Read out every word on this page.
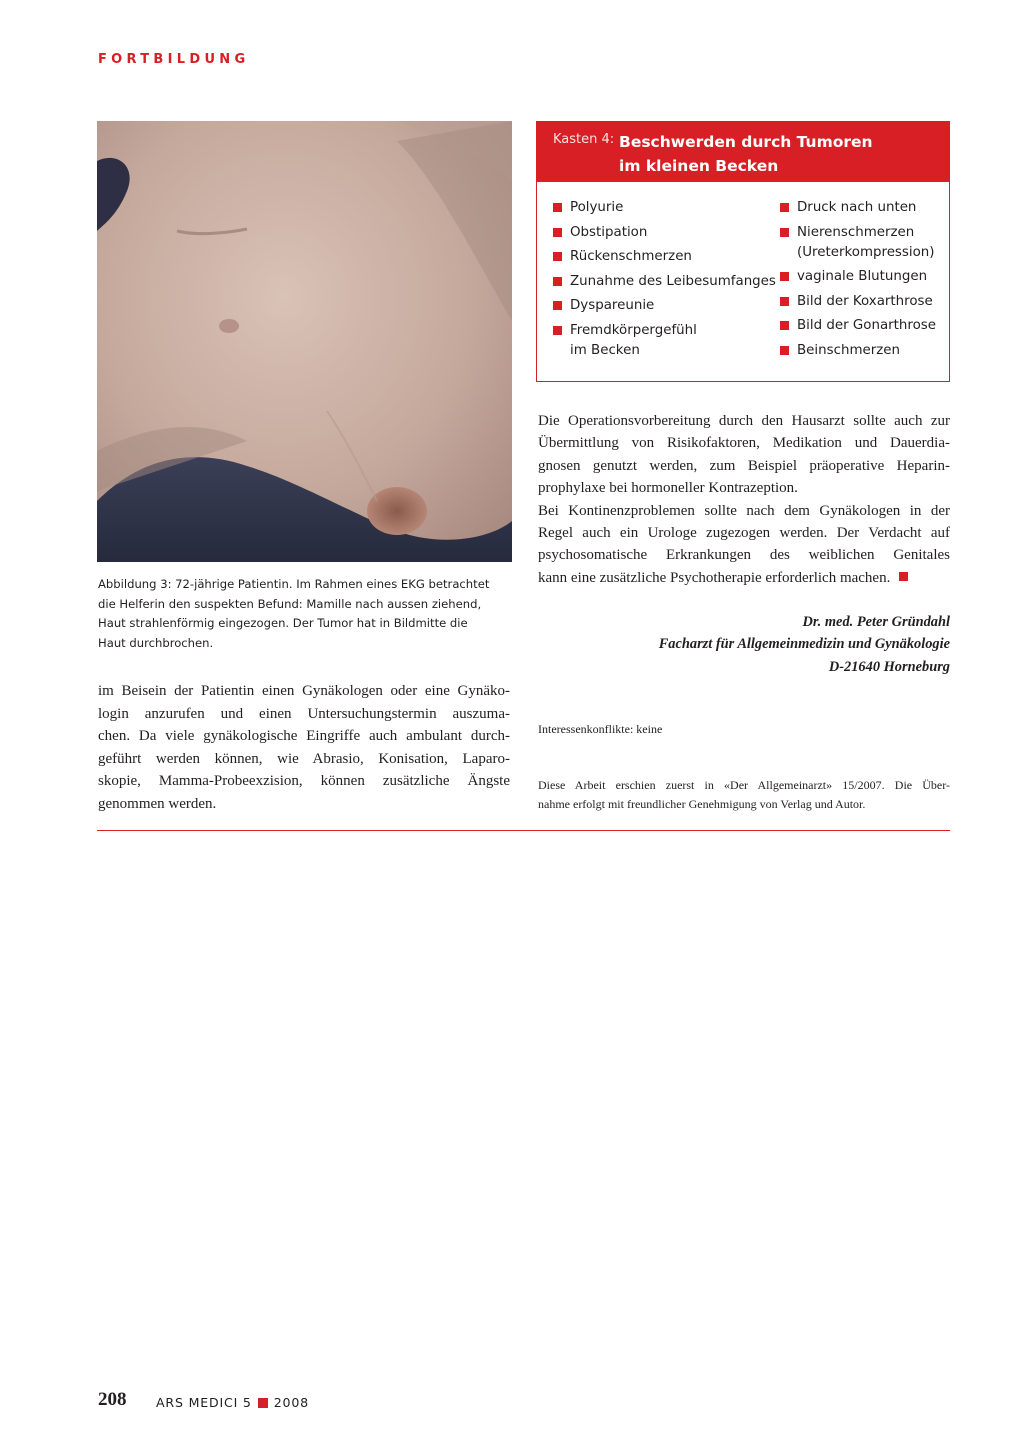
FORTBILDUNG
Abbildung 3: 72-jährige Patientin. Im Rahmen eines EKG betrachtet
die Helferin den suspekten Befund: Mamille nach aussen ziehend,
Haut strahlenförmig eingezogen. Der Tumor hat in Bildmitte die
Haut durchbrochen.
im Beisein der Patientin einen Gynäkologen oder eine Gynäko-
login anzurufen und einen Untersuchungstermin auszuma-
chen. Da viele gynäkologische Eingriffe auch ambulant durch-
geführt werden können, wie Abrasio, Konisation, Laparo-
skopie, Mamma-Probeexzision, können zusätzliche Ängste
genommen werden.
Kasten 4: Beschwerden durch Tumoren
im kleinen Becken
Polyurie
Obstipation
Rückenschmerzen
Zunahme des Leibesumfanges
Dyspareunie
Fremdkörpergefühl
im Becken
Druck nach unten
Nierenschmerzen
(Ureterkompression)
vaginale Blutungen
Bild der Koxarthrose
Bild der Gonarthrose
Beinschmerzen
Die Operationsvorbereitung durch den Hausarzt sollte auch zur
Übermittlung von Risikofaktoren, Medikation und Dauerdia-
gnosen genutzt werden, zum Beispiel präoperative Heparin-
prophylaxe bei hormoneller Kontrazeption.
Bei Kontinenzproblemen sollte nach dem Gynäkologen in der
Regel auch ein Urologe zugezogen werden. Der Verdacht auf
psychosomatische Erkrankungen des weiblichen Genitales
kann eine zusätzliche Psychotherapie erforderlich machen.
Dr. med. Peter Gründahl
Facharzt für Allgemeinmedizin und Gynäkologie
D-21640 Horneburg
Interessenkonflikte: keine
Diese Arbeit erschien zuerst in «Der Allgemeinarzt» 15/2007. Die Über-
nahme erfolgt mit freundlicher Genehmigung von Verlag und Autor.
208 ARS MEDICI 5 2008
